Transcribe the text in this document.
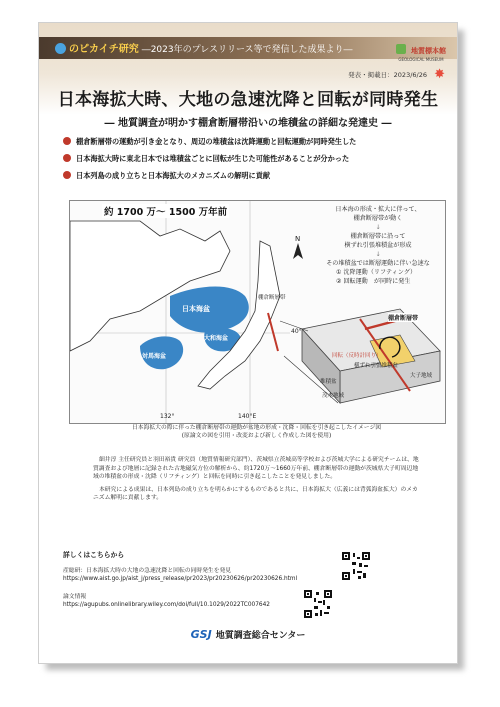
のピカイチ研究 ―2023年のプレスリリース等で発信した成果より―	地質標本館
GEOLOGICAL MUSEUM
発表・掲載日：2023/6/26 ✸
日本海拡大時、大地の急速沈降と回転が同時発生
― 地質調査が明かす棚倉断層帯沿いの堆積盆の詳細な発達史 ―
棚倉断層帯の運動が引き金となり、周辺の堆積盆は沈降運動と回転運動が同時発生した
日本海拡大時に東北日本では堆積盆ごとに回転が生じた可能性があることが分かった
日本列島の成り立ちと日本海拡大のメカニズムの解明に貢献
N
約 1700 万～ 1500 万年前
日本海盆
大和海盆
対馬海盆
棚倉断層帯
40°
132°	140°E
日本海の形成・拡大に伴って、
棚倉断層帯が動く
↓
棚倉断層帯に沿って
横ずれ引張堆積盆が形成
↓
その堆積盆では断層運動に伴い急速な
① 沈降運動（リフティング）
② 回転運動　が同時に発生
棚倉断層帯
回転（反時計回り）
横ずれ引張堆積盆
堆積盆
大子地域
茂木地域
日本海拡大の際に伴った棚倉断層帯の運動が盆地の形成・沈降・回転を引き起こしたイメージ図
(原論文の図を引用・改変および新しく作成した図を使用)

細井淳 主任研究員と羽田裕貴 研究員（地質情報研究部門）、茨城県立茨城高等学校および茨城大学による研究チームは、地質調査および地層に記録された古地磁気方位の解析から、約1720万～1660万年前、棚倉断層帯の運動が茨城県大子町周辺地域の堆積盆の形成・沈降（リフティング）と回転を同時に引き起こしたことを発見しました。

本研究による成果は、日本列島の成り立ちを明らかにするものであると共に、日本海拡大（広義には背弧海盆拡大）のメカニズム解明に貢献します。

詳しくはこちらから
産総研：日本海拡大時の大地の急速沈降と回転の同時発生を発見
https://www.aist.go.jp/aist_j/press_release/pr2023/pr20230626/pr20230626.html
論文情報
https://agupubs.onlinelibrary.wiley.com/doi/full/10.1029/2022TC007642
GSJ 地質調査総合センター
